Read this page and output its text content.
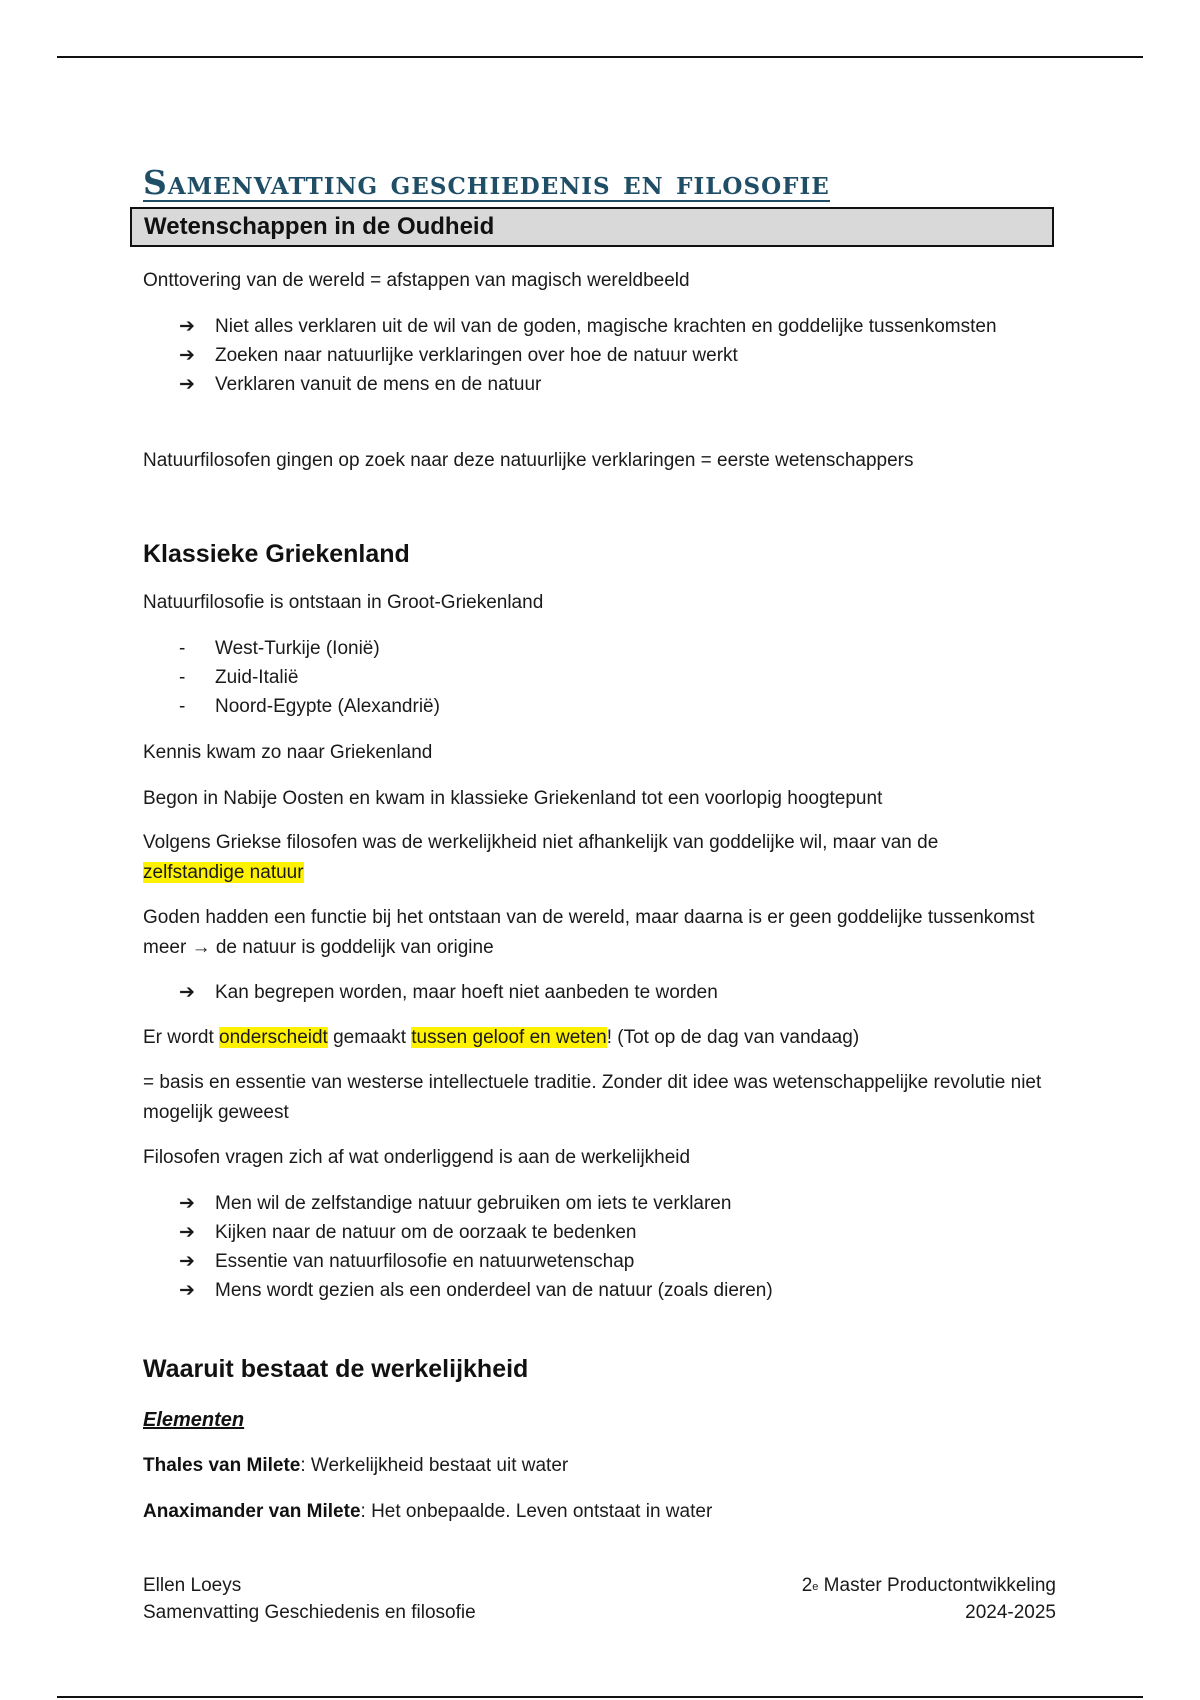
Samenvatting geschiedenis en filosofie
Wetenschappen in de Oudheid

Onttovering van de wereld = afstappen van magisch wereldbeeld

➔ Niet alles verklaren uit de wil van de goden, magische krachten en goddelijke tussenkomsten
➔ Zoeken naar natuurlijke verklaringen over hoe de natuur werkt
➔ Verklaren vanuit de mens en de natuur

Natuurfilosofen gingen op zoek naar deze natuurlijke verklaringen = eerste wetenschappers

Klassieke Griekenland

Natuurfilosofie is ontstaan in Groot-Griekenland

- West-Turkije (Ionië)
- Zuid-Italië
- Noord-Egypte (Alexandrië)

Kennis kwam zo naar Griekenland

Begon in Nabije Oosten en kwam in klassieke Griekenland tot een voorlopig hoogtepunt

Volgens Griekse filosofen was de werkelijkheid niet afhankelijk van goddelijke wil, maar van de
zelfstandige natuur

Goden hadden een functie bij het ontstaan van de wereld, maar daarna is er geen goddelijke tussenkomst meer → de natuur is goddelijk van origine

➔ Kan begrepen worden, maar hoeft niet aanbeden te worden

Er wordt onderscheidt gemaakt tussen geloof en weten! (Tot op de dag van vandaag)

= basis en essentie van westerse intellectuele traditie. Zonder dit idee was wetenschappelijke revolutie niet mogelijk geweest

Filosofen vragen zich af wat onderliggend is aan de werkelijkheid

➔ Men wil de zelfstandige natuur gebruiken om iets te verklaren
➔ Kijken naar de natuur om de oorzaak te bedenken
➔ Essentie van natuurfilosofie en natuurwetenschap
➔ Mens wordt gezien als een onderdeel van de natuur (zoals dieren)
Waaruit bestaat de werkelijkheid
Elementen

Thales van Milete: Werkelijkheid bestaat uit water

Anaximander van Milete: Het onbepaalde. Leven ontstaat in water

Ellen Loeys
Samenvatting Geschiedenis en filosofie
2e Master Productontwikkeling
2024-2025
